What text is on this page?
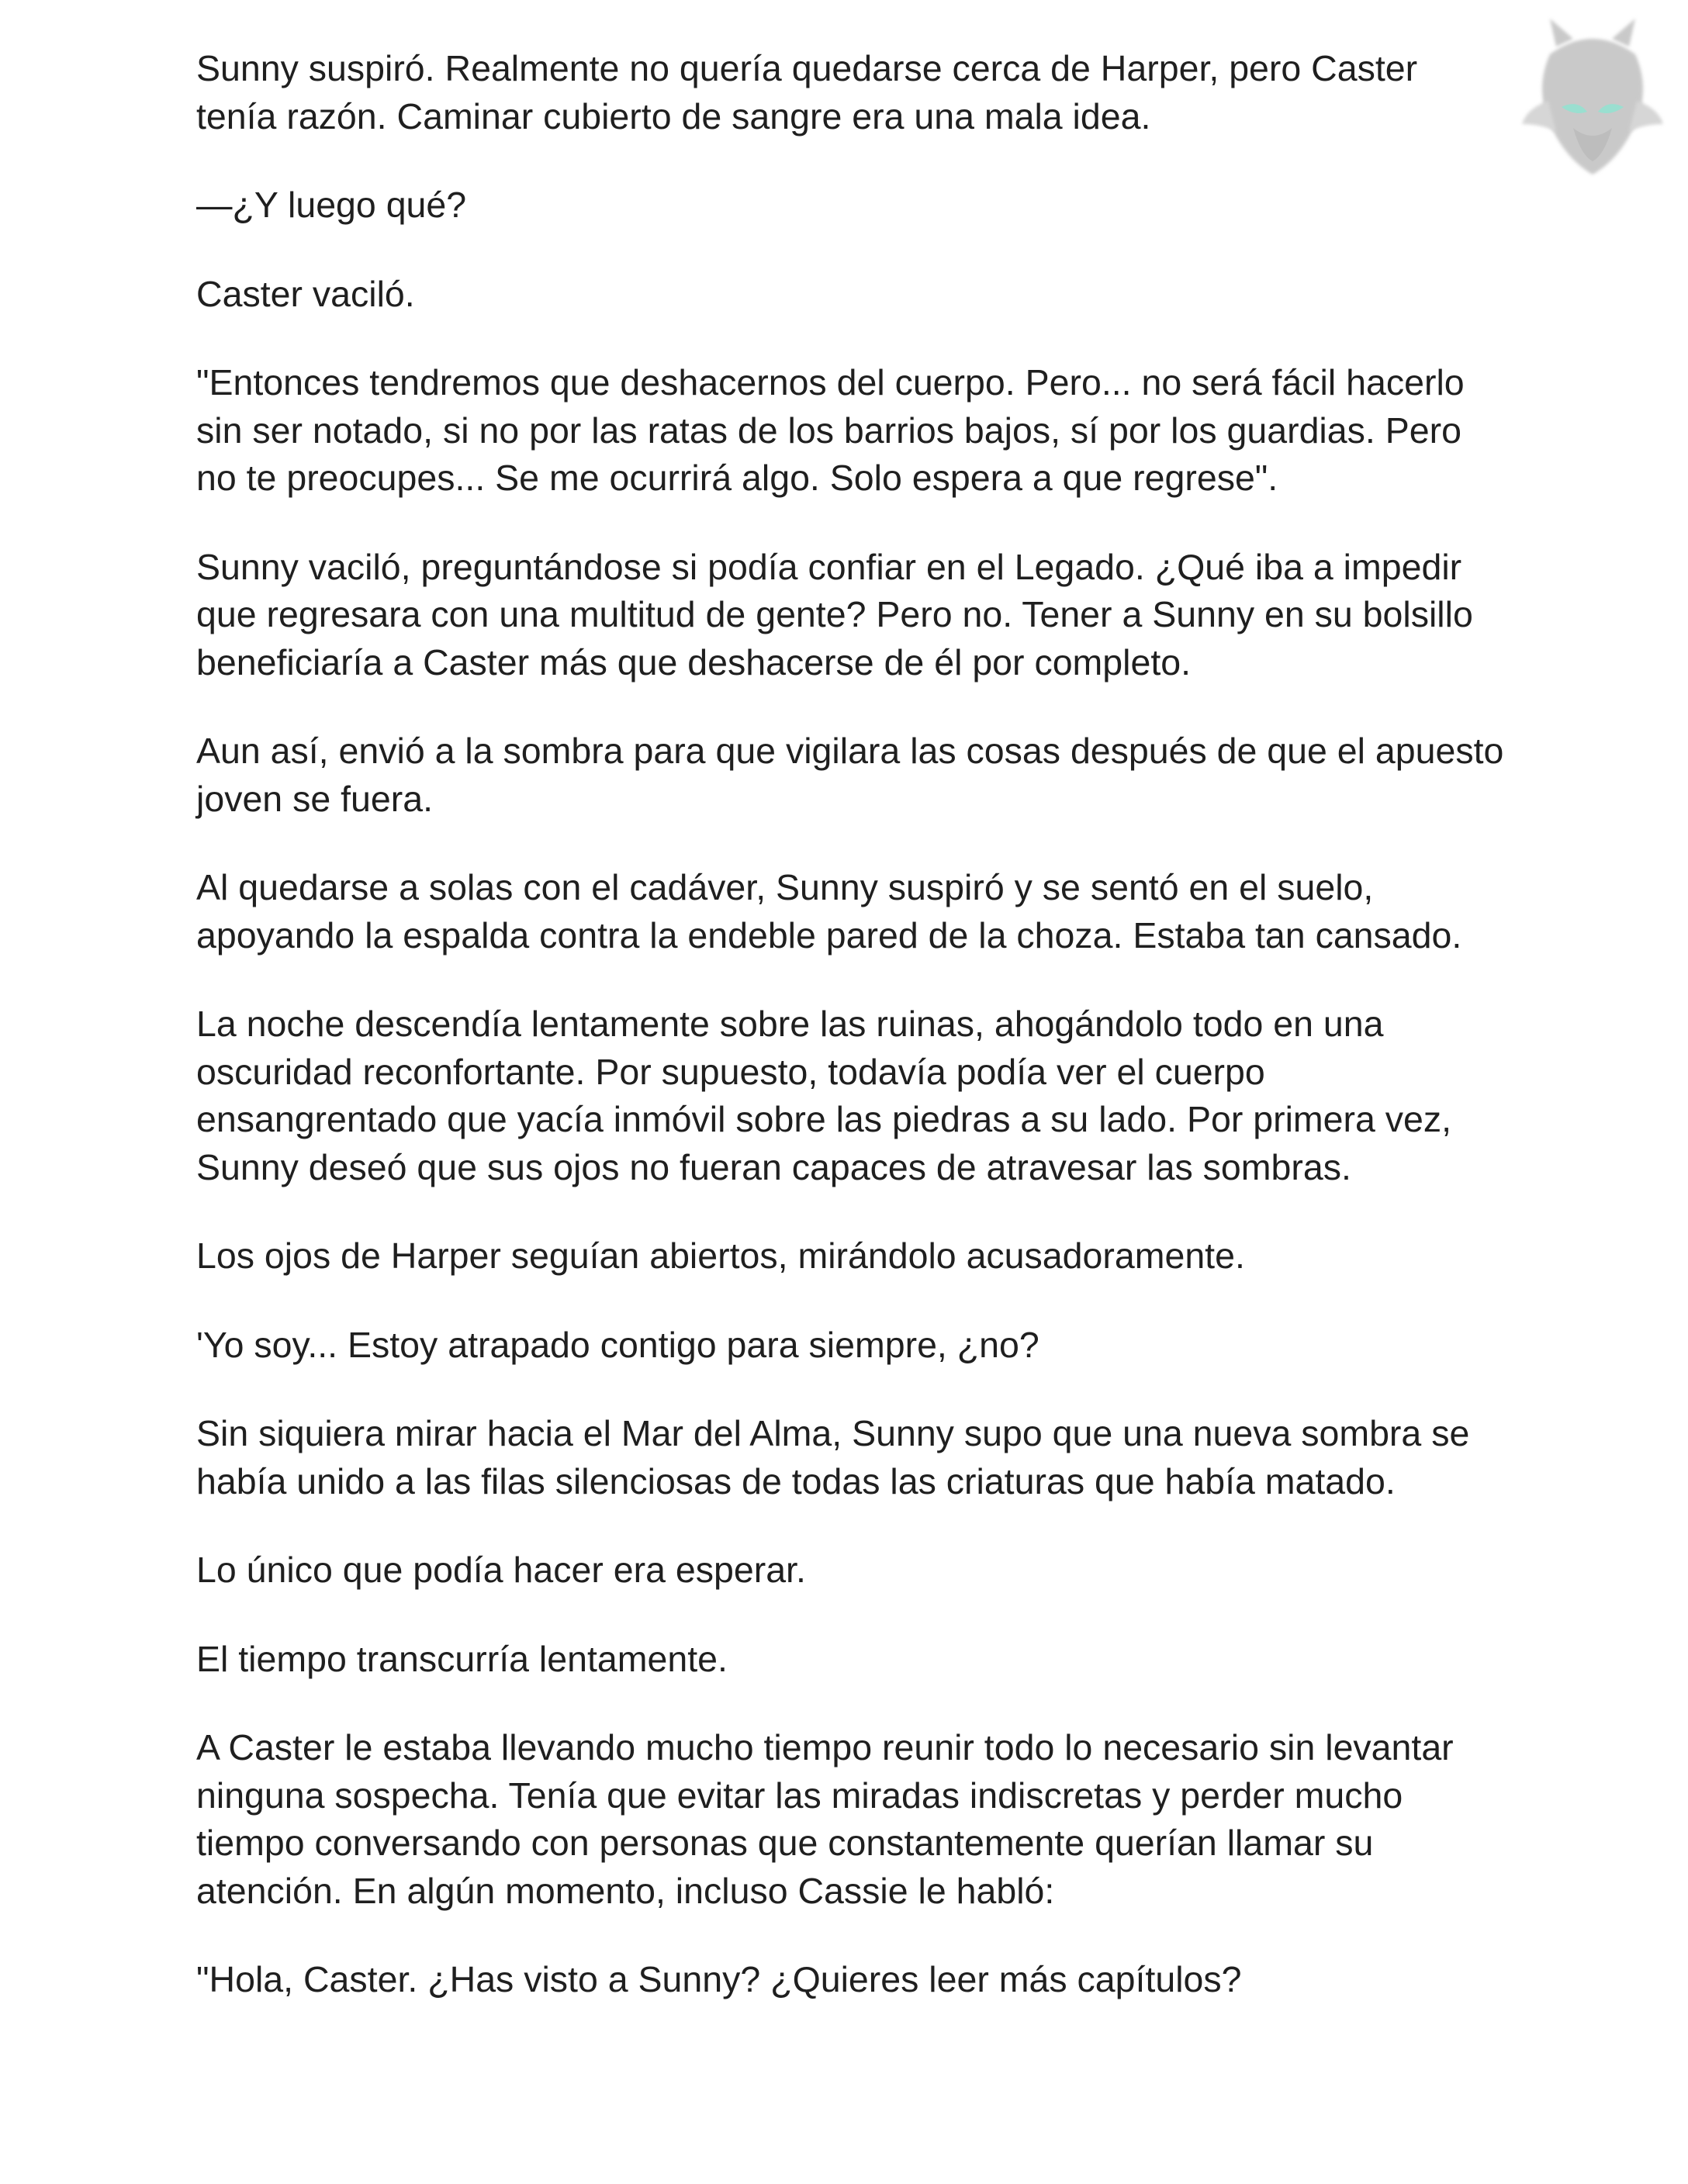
Sunny suspiró. Realmente no quería quedarse cerca de Harper, pero Caster tenía razón. Caminar cubierto de sangre era una mala idea.

—¿Y luego qué?

Caster vaciló.

"Entonces tendremos que deshacernos del cuerpo. Pero... no será fácil hacerlo sin ser notado, si no por las ratas de los barrios bajos, sí por los guardias. Pero no te preocupes... Se me ocurrirá algo. Solo espera a que regrese".

Sunny vaciló, preguntándose si podía confiar en el Legado. ¿Qué iba a impedir que regresara con una multitud de gente? Pero no. Tener a Sunny en su bolsillo beneficiaría a Caster más que deshacerse de él por completo.

Aun así, envió a la sombra para que vigilara las cosas después de que el apuesto joven se fuera.

Al quedarse a solas con el cadáver, Sunny suspiró y se sentó en el suelo, apoyando la espalda contra la endeble pared de la choza. Estaba tan cansado.

La noche descendía lentamente sobre las ruinas, ahogándolo todo en una oscuridad reconfortante. Por supuesto, todavía podía ver el cuerpo ensangrentado que yacía inmóvil sobre las piedras a su lado. Por primera vez, Sunny deseó que sus ojos no fueran capaces de atravesar las sombras.

Los ojos de Harper seguían abiertos, mirándolo acusadoramente.

'Yo soy... Estoy atrapado contigo para siempre, ¿no?

Sin siquiera mirar hacia el Mar del Alma, Sunny supo que una nueva sombra se había unido a las filas silenciosas de todas las criaturas que había matado.

Lo único que podía hacer era esperar.

El tiempo transcurría lentamente.

A Caster le estaba llevando mucho tiempo reunir todo lo necesario sin levantar ninguna sospecha. Tenía que evitar las miradas indiscretas y perder mucho tiempo conversando con personas que constantemente querían llamar su atención. En algún momento, incluso Cassie le habló:

"Hola, Caster. ¿Has visto a Sunny? ¿Quieres leer más capítulos?
